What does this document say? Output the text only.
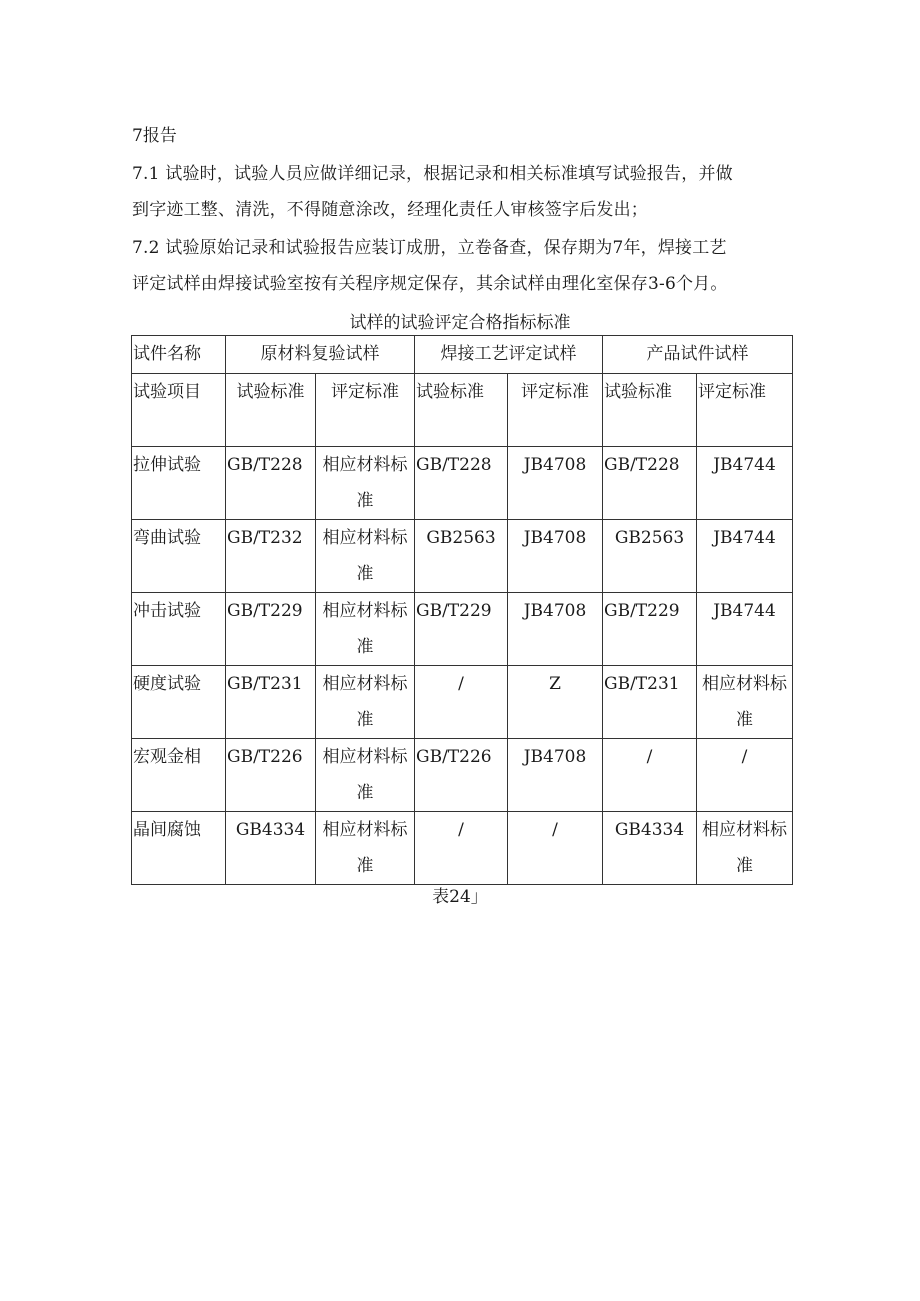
7报告
7.1 试验时，试验人员应做详细记录，根据记录和相关标准填写试验报告，并做
到字迹工整、清洗，不得随意涂改，经理化责任人审核签字后发出；
7.2 试验原始记录和试验报告应装订成册，立卷备查，保存期为7年，焊接工艺
评定试样由焊接试验室按有关程序规定保存，其余试样由理化室保存3-6个月。
试样的试验评定合格指标标准
试件名称	原材料复验试样		焊接工艺评定试样		产品试件试样	
试验项目	试验标准	评定标准	试验标准	评定标准	试验标准	评定标准
拉伸试验	GB/T228	相应材料标准	GB/T228	JB4708	GB/T228	JB4744
弯曲试验	GB/T232	相应材料标准	GB2563	JB4708	GB2563	JB4744
冲击试验	GB/T229	相应材料标准	GB/T229	JB4708	GB/T229	JB4744
硬度试验	GB/T231	相应材料标准	/	Z	GB/T231	相应材料标准
宏观金相	GB/T226	相应材料标准	GB/T226	JB4708	/	/
晶间腐蚀	GB4334	相应材料标准	/	/	GB4334	相应材料标准
表24」
